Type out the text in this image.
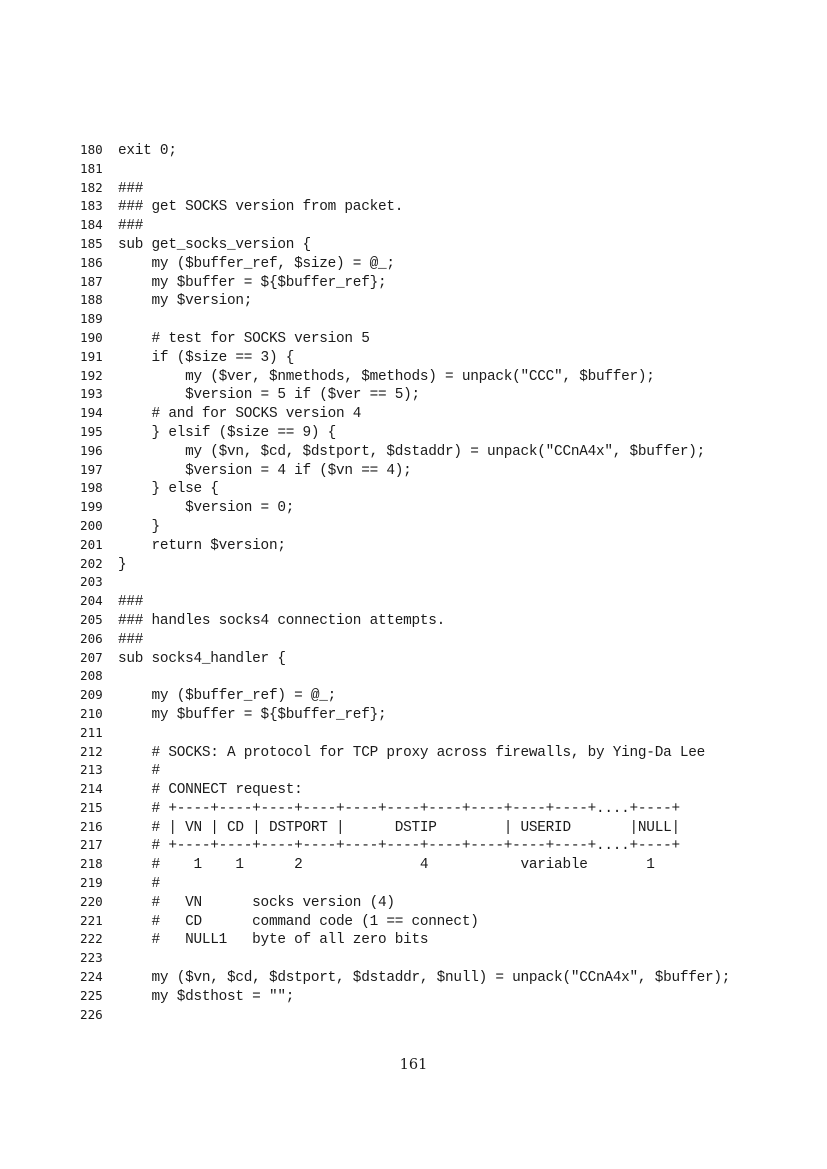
180 exit 0;
181
182 ###
183 ### get SOCKS version from packet.
184 ###
185 sub get_socks_version {
186    my ($buffer_ref, $size) = @_;
187    my $buffer = ${$buffer_ref};
188    my $version;
189
190    # test for SOCKS version 5
191    if ($size == 3) {
192        my ($ver, $nmethods, $methods) = unpack("CCC", $buffer);
193        $version = 5 if ($ver == 5);
194    # and for SOCKS version 4
195    } elsif ($size == 9) {
196        my ($vn, $cd, $dstport, $dstaddr) = unpack("CCnA4x", $buffer);
197        $version = 4 if ($vn == 4);
198    } else {
199        $version = 0;
200    }
201    return $version;
202 }
203
204 ###
205 ### handles socks4 connection attempts.
206 ###
207 sub socks4_handler {
208
209    my ($buffer_ref) = @_;
210    my $buffer = ${$buffer_ref};
211
212    # SOCKS: A protocol for TCP proxy across firewalls, by Ying-Da Lee
213    #
214    # CONNECT request:
215    # +----+----+----+----+----+----+----+----+----+----+....+----+
216    # | VN | CD | DSTPORT |      DSTIP        | USERID       |NULL|
217    # +----+----+----+----+----+----+----+----+----+----+....+----+
218    #    1    1      2              4           variable       1
219    #
220    #   VN      socks version (4)
221    #   CD      command code (1 == connect)
222    #   NULL1   byte of all zero bits
223
224    my ($vn, $cd, $dstport, $dstaddr, $null) = unpack("CCnA4x", $buffer);
225    my $dsthost = "";
226
161
